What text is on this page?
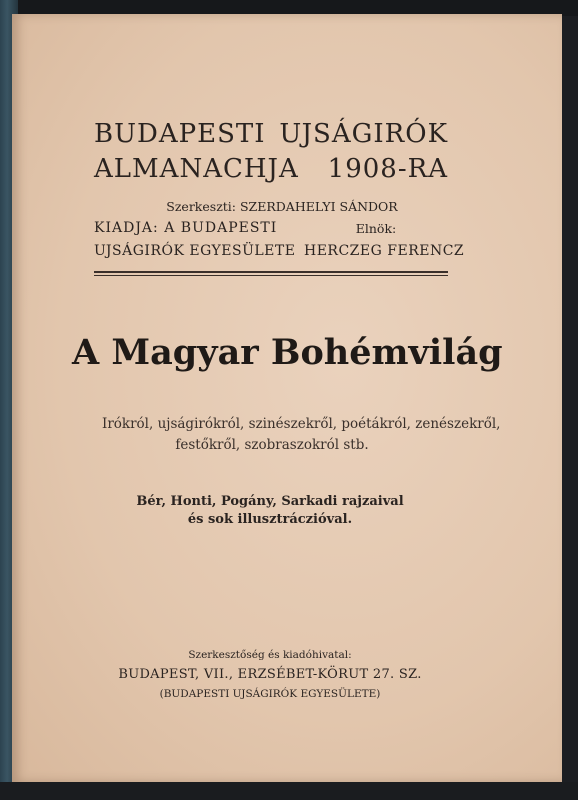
BUDAPESTI UJSÁGIRÓK
ALMANACHJA 1908-RA
Szerkeszti: SZERDAHELYI SÁNDOR
KIADJA: A BUDAPESTI
UJSÁGIRÓK EGYESÜLETE
Elnök:
HERCZEG FERENCZ
A Magyar Bohémvilág
Irókról, ujságirókról, szinészekről, poétákról, zenészekről,
festőkről, szobraszokról stb.
Bér, Honti, Pogány, Sarkadi rajzaival
és sok illusztráczióval.
Szerkesztőség és kiadóhivatal:
BUDAPEST, VII., ERZSÉBET-KÖRUT 27. SZ.
(BUDAPESTI UJSÁGIRÓK EGYESÜLETE)
